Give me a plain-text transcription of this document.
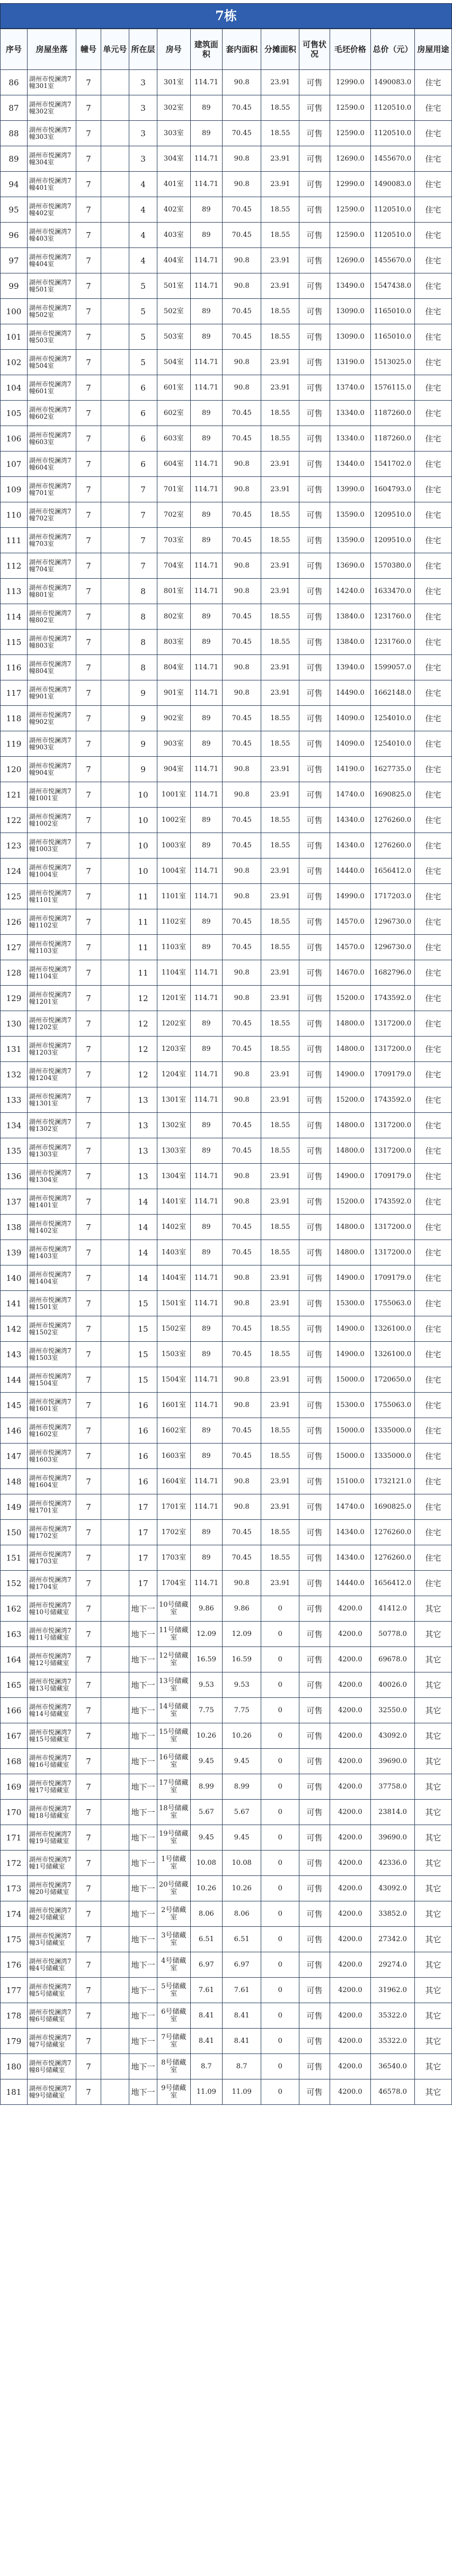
7栋
序号	房屋坐落	幢号	单元号	所在层	房号	建筑面积	套内面积	分摊面积	可售状况	毛坯价格	总价（元）	房屋用途
86	湖州市悦澜湾7幢301室	7		3	301室	114.71	90.8	23.91	可售	12990.0	1490083.0	住宅
87	湖州市悦澜湾7幢302室	7		3	302室	89	70.45	18.55	可售	12590.0	1120510.0	住宅
88	湖州市悦澜湾7幢303室	7		3	303室	89	70.45	18.55	可售	12590.0	1120510.0	住宅
89	湖州市悦澜湾7幢304室	7		3	304室	114.71	90.8	23.91	可售	12690.0	1455670.0	住宅
94	湖州市悦澜湾7幢401室	7		4	401室	114.71	90.8	23.91	可售	12990.0	1490083.0	住宅
95	湖州市悦澜湾7幢402室	7		4	402室	89	70.45	18.55	可售	12590.0	1120510.0	住宅
96	湖州市悦澜湾7幢403室	7		4	403室	89	70.45	18.55	可售	12590.0	1120510.0	住宅
97	湖州市悦澜湾7幢404室	7		4	404室	114.71	90.8	23.91	可售	12690.0	1455670.0	住宅
99	湖州市悦澜湾7幢501室	7		5	501室	114.71	90.8	23.91	可售	13490.0	1547438.0	住宅
100	湖州市悦澜湾7幢502室	7		5	502室	89	70.45	18.55	可售	13090.0	1165010.0	住宅
101	湖州市悦澜湾7幢503室	7		5	503室	89	70.45	18.55	可售	13090.0	1165010.0	住宅
102	湖州市悦澜湾7幢504室	7		5	504室	114.71	90.8	23.91	可售	13190.0	1513025.0	住宅
104	湖州市悦澜湾7幢601室	7		6	601室	114.71	90.8	23.91	可售	13740.0	1576115.0	住宅
105	湖州市悦澜湾7幢602室	7		6	602室	89	70.45	18.55	可售	13340.0	1187260.0	住宅
106	湖州市悦澜湾7幢603室	7		6	603室	89	70.45	18.55	可售	13340.0	1187260.0	住宅
107	湖州市悦澜湾7幢604室	7		6	604室	114.71	90.8	23.91	可售	13440.0	1541702.0	住宅
109	湖州市悦澜湾7幢701室	7		7	701室	114.71	90.8	23.91	可售	13990.0	1604793.0	住宅
110	湖州市悦澜湾7幢702室	7		7	702室	89	70.45	18.55	可售	13590.0	1209510.0	住宅
111	湖州市悦澜湾7幢703室	7		7	703室	89	70.45	18.55	可售	13590.0	1209510.0	住宅
112	湖州市悦澜湾7幢704室	7		7	704室	114.71	90.8	23.91	可售	13690.0	1570380.0	住宅
113	湖州市悦澜湾7幢801室	7		8	801室	114.71	90.8	23.91	可售	14240.0	1633470.0	住宅
114	湖州市悦澜湾7幢802室	7		8	802室	89	70.45	18.55	可售	13840.0	1231760.0	住宅
115	湖州市悦澜湾7幢803室	7		8	803室	89	70.45	18.55	可售	13840.0	1231760.0	住宅
116	湖州市悦澜湾7幢804室	7		8	804室	114.71	90.8	23.91	可售	13940.0	1599057.0	住宅
117	湖州市悦澜湾7幢901室	7		9	901室	114.71	90.8	23.91	可售	14490.0	1662148.0	住宅
118	湖州市悦澜湾7幢902室	7		9	902室	89	70.45	18.55	可售	14090.0	1254010.0	住宅
119	湖州市悦澜湾7幢903室	7		9	903室	89	70.45	18.55	可售	14090.0	1254010.0	住宅
120	湖州市悦澜湾7幢904室	7		9	904室	114.71	90.8	23.91	可售	14190.0	1627735.0	住宅
121	湖州市悦澜湾7幢1001室	7		10	1001室	114.71	90.8	23.91	可售	14740.0	1690825.0	住宅
122	湖州市悦澜湾7幢1002室	7		10	1002室	89	70.45	18.55	可售	14340.0	1276260.0	住宅
123	湖州市悦澜湾7幢1003室	7		10	1003室	89	70.45	18.55	可售	14340.0	1276260.0	住宅
124	湖州市悦澜湾7幢1004室	7		10	1004室	114.71	90.8	23.91	可售	14440.0	1656412.0	住宅
125	湖州市悦澜湾7幢1101室	7		11	1101室	114.71	90.8	23.91	可售	14990.0	1717203.0	住宅
126	湖州市悦澜湾7幢1102室	7		11	1102室	89	70.45	18.55	可售	14570.0	1296730.0	住宅
127	湖州市悦澜湾7幢1103室	7		11	1103室	89	70.45	18.55	可售	14570.0	1296730.0	住宅
128	湖州市悦澜湾7幢1104室	7		11	1104室	114.71	90.8	23.91	可售	14670.0	1682796.0	住宅
129	湖州市悦澜湾7幢1201室	7		12	1201室	114.71	90.8	23.91	可售	15200.0	1743592.0	住宅
130	湖州市悦澜湾7幢1202室	7		12	1202室	89	70.45	18.55	可售	14800.0	1317200.0	住宅
131	湖州市悦澜湾7幢1203室	7		12	1203室	89	70.45	18.55	可售	14800.0	1317200.0	住宅
132	湖州市悦澜湾7幢1204室	7		12	1204室	114.71	90.8	23.91	可售	14900.0	1709179.0	住宅
133	湖州市悦澜湾7幢1301室	7		13	1301室	114.71	90.8	23.91	可售	15200.0	1743592.0	住宅
134	湖州市悦澜湾7幢1302室	7		13	1302室	89	70.45	18.55	可售	14800.0	1317200.0	住宅
135	湖州市悦澜湾7幢1303室	7		13	1303室	89	70.45	18.55	可售	14800.0	1317200.0	住宅
136	湖州市悦澜湾7幢1304室	7		13	1304室	114.71	90.8	23.91	可售	14900.0	1709179.0	住宅
137	湖州市悦澜湾7幢1401室	7		14	1401室	114.71	90.8	23.91	可售	15200.0	1743592.0	住宅
138	湖州市悦澜湾7幢1402室	7		14	1402室	89	70.45	18.55	可售	14800.0	1317200.0	住宅
139	湖州市悦澜湾7幢1403室	7		14	1403室	89	70.45	18.55	可售	14800.0	1317200.0	住宅
140	湖州市悦澜湾7幢1404室	7		14	1404室	114.71	90.8	23.91	可售	14900.0	1709179.0	住宅
141	湖州市悦澜湾7幢1501室	7		15	1501室	114.71	90.8	23.91	可售	15300.0	1755063.0	住宅
142	湖州市悦澜湾7幢1502室	7		15	1502室	89	70.45	18.55	可售	14900.0	1326100.0	住宅
143	湖州市悦澜湾7幢1503室	7		15	1503室	89	70.45	18.55	可售	14900.0	1326100.0	住宅
144	湖州市悦澜湾7幢1504室	7		15	1504室	114.71	90.8	23.91	可售	15000.0	1720650.0	住宅
145	湖州市悦澜湾7幢1601室	7		16	1601室	114.71	90.8	23.91	可售	15300.0	1755063.0	住宅
146	湖州市悦澜湾7幢1602室	7		16	1602室	89	70.45	18.55	可售	15000.0	1335000.0	住宅
147	湖州市悦澜湾7幢1603室	7		16	1603室	89	70.45	18.55	可售	15000.0	1335000.0	住宅
148	湖州市悦澜湾7幢1604室	7		16	1604室	114.71	90.8	23.91	可售	15100.0	1732121.0	住宅
149	湖州市悦澜湾7幢1701室	7		17	1701室	114.71	90.8	23.91	可售	14740.0	1690825.0	住宅
150	湖州市悦澜湾7幢1702室	7		17	1702室	89	70.45	18.55	可售	14340.0	1276260.0	住宅
151	湖州市悦澜湾7幢1703室	7		17	1703室	89	70.45	18.55	可售	14340.0	1276260.0	住宅
152	湖州市悦澜湾7幢1704室	7		17	1704室	114.71	90.8	23.91	可售	14440.0	1656412.0	住宅
162	湖州市悦澜湾7幢10号储藏室	7		地下一	10号储藏室	9.86	9.86	0	可售	4200.0	41412.0	其它
163	湖州市悦澜湾7幢11号储藏室	7		地下一	11号储藏室	12.09	12.09	0	可售	4200.0	50778.0	其它
164	湖州市悦澜湾7幢12号储藏室	7		地下一	12号储藏室	16.59	16.59	0	可售	4200.0	69678.0	其它
165	湖州市悦澜湾7幢13号储藏室	7		地下一	13号储藏室	9.53	9.53	0	可售	4200.0	40026.0	其它
166	湖州市悦澜湾7幢14号储藏室	7		地下一	14号储藏室	7.75	7.75	0	可售	4200.0	32550.0	其它
167	湖州市悦澜湾7幢15号储藏室	7		地下一	15号储藏室	10.26	10.26	0	可售	4200.0	43092.0	其它
168	湖州市悦澜湾7幢16号储藏室	7		地下一	16号储藏室	9.45	9.45	0	可售	4200.0	39690.0	其它
169	湖州市悦澜湾7幢17号储藏室	7		地下一	17号储藏室	8.99	8.99	0	可售	4200.0	37758.0	其它
170	湖州市悦澜湾7幢18号储藏室	7		地下一	18号储藏室	5.67	5.67	0	可售	4200.0	23814.0	其它
171	湖州市悦澜湾7幢19号储藏室	7		地下一	19号储藏室	9.45	9.45	0	可售	4200.0	39690.0	其它
172	湖州市悦澜湾7幢1号储藏室	7		地下一	1号储藏室	10.08	10.08	0	可售	4200.0	42336.0	其它
173	湖州市悦澜湾7幢20号储藏室	7		地下一	20号储藏室	10.26	10.26	0	可售	4200.0	43092.0	其它
174	湖州市悦澜湾7幢2号储藏室	7		地下一	2号储藏室	8.06	8.06	0	可售	4200.0	33852.0	其它
175	湖州市悦澜湾7幢3号储藏室	7		地下一	3号储藏室	6.51	6.51	0	可售	4200.0	27342.0	其它
176	湖州市悦澜湾7幢4号储藏室	7		地下一	4号储藏室	6.97	6.97	0	可售	4200.0	29274.0	其它
177	湖州市悦澜湾7幢5号储藏室	7		地下一	5号储藏室	7.61	7.61	0	可售	4200.0	31962.0	其它
178	湖州市悦澜湾7幢6号储藏室	7		地下一	6号储藏室	8.41	8.41	0	可售	4200.0	35322.0	其它
179	湖州市悦澜湾7幢7号储藏室	7		地下一	7号储藏室	8.41	8.41	0	可售	4200.0	35322.0	其它
180	湖州市悦澜湾7幢8号储藏室	7		地下一	8号储藏室	8.7	8.7	0	可售	4200.0	36540.0	其它
181	湖州市悦澜湾7幢9号储藏室	7		地下一	9号储藏室	11.09	11.09	0	可售	4200.0	46578.0	其它
